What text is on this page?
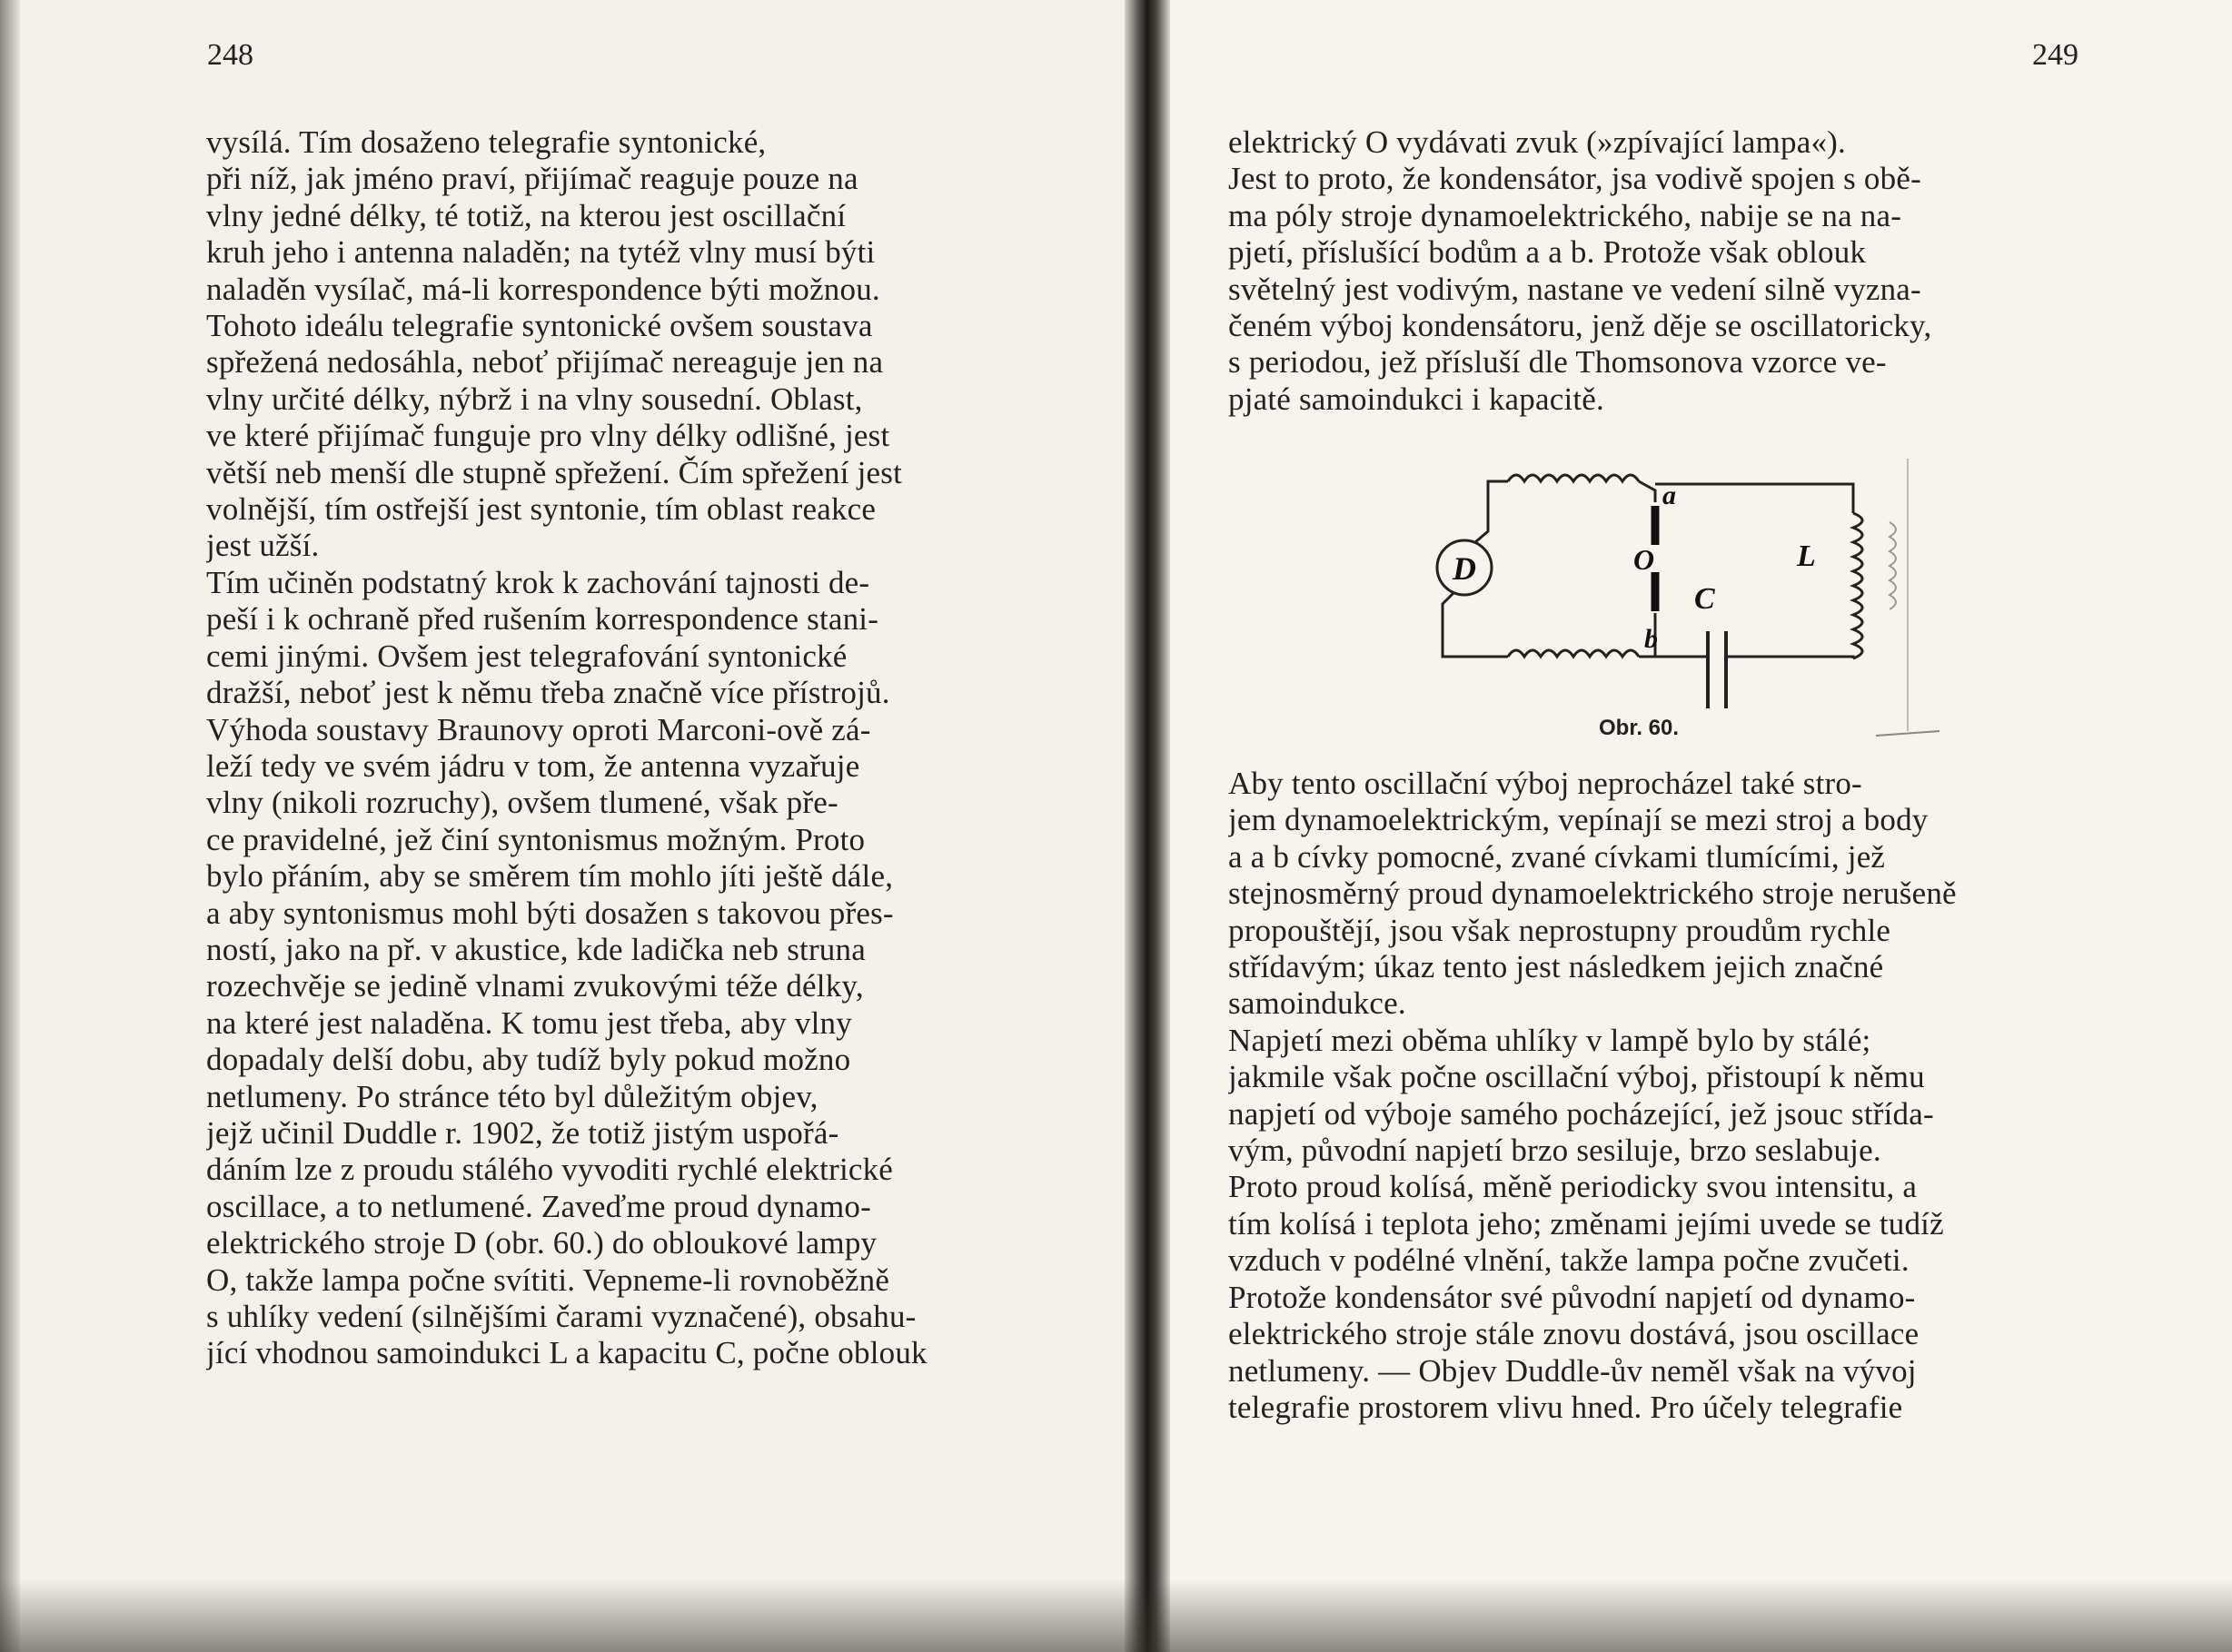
248	249
vysílá. Tím dosaženo telegrafie syntonické,
při níž, jak jméno praví, přijímač reaguje pouze na
vlny jedné délky, té totiž, na kterou jest oscillační
kruh jeho i antenna naladěn; na tytéž vlny musí býti
naladěn vysílač, má-li korrespondence býti možnou.
Tohoto ideálu telegrafie syntonické ovšem soustava
spřežená nedosáhla, neboť přijímač nereaguje jen na
vlny určité délky, nýbrž i na vlny sousední. Oblast,
ve které přijímač funguje pro vlny délky odlišné, jest
větší neb menší dle stupně spřežení. Čím spřežení jest
volnější, tím ostřejší jest syntonie, tím oblast reakce
jest užší.
Tím učiněn podstatný krok k zachování tajnosti de-
peší i k ochraně před rušením korrespondence stani-
cemi jinými. Ovšem jest telegrafování syntonické
dražší, neboť jest k němu třeba značně více přístrojů.
Výhoda soustavy Braunovy oproti Marconi-ově zá-
leží tedy ve svém jádru v tom, že antenna vyzařuje
vlny (nikoli rozruchy), ovšem tlumené, však pře-
ce pravidelné, jež činí syntonismus možným. Proto
bylo přáním, aby se směrem tím mohlo jíti ještě dále,
a aby syntonismus mohl býti dosažen s takovou přes-
ností, jako na př. v akustice, kde ladička neb struna
rozechvěje se jedině vlnami zvukovými téže délky,
na které jest naladěna. K tomu jest třeba, aby vlny
dopadaly delší dobu, aby tudíž byly pokud možno
netlumeny. Po stránce této byl důležitým objev,
jejž učinil Duddle r. 1902, že totiž jistým uspořá-
dáním lze z proudu stálého vyvoditi rychlé elektrické
oscillace, a to netlumené. Zaveďme proud dynamo-
elektrického stroje D (obr. 60.) do obloukové lampy
O, takže lampa počne svítiti. Vepneme-li rovnoběžně
s uhlíky vedení (silnějšími čarami vyznačené), obsahu-
jící vhodnou samoindukci L a kapacitu C, počne oblouk
elektrický O vydávati zvuk (»zpívající lampa«).
Jest to proto, že kondensátor, jsa vodivě spojen s obě-
ma póly stroje dynamoelektrického, nabije se na na-
pjetí, příslušící bodům a a b. Protože však oblouk
světelný jest vodivým, nastane ve vedení silně vyzna-
čeném výboj kondensátoru, jenž děje se oscillatoricky,
s periodou, jež přísluší dle Thomsonova vzorce ve-
pjaté samoindukci i kapacitě.
Aby tento oscillační výboj neprocházel také stro-
jem dynamoelektrickým, vepínají se mezi stroj a body
a a b cívky pomocné, zvané cívkami tlumícími, jež
stejnosměrný proud dynamoelektrického stroje nerušeně
propouštějí, jsou však neprostupny proudům rychle
střídavým; úkaz tento jest následkem jejich značné
samoindukce.
Napjetí mezi oběma uhlíky v lampě bylo by stálé;
jakmile však počne oscillační výboj, přistoupí k němu
napjetí od výboje samého pocházející, jež jsouc střída-
vým, původní napjetí brzo sesiluje, brzo seslabuje.
Proto proud kolísá, měně periodicky svou intensitu, a
tím kolísá i teplota jeho; změnami jejími uvede se tudíž
vzduch v podélné vlnění, takže lampa počne zvučeti.
Protože kondensátor své původní napjetí od dynamo-
elektrického stroje stále znovu dostává, jsou oscillace
netlumeny. — Objev Duddle-ův neměl však na vývoj
telegrafie prostorem vlivu hned. Pro účely telegrafie
D
a
O
b
C
L
Obr. 60.
